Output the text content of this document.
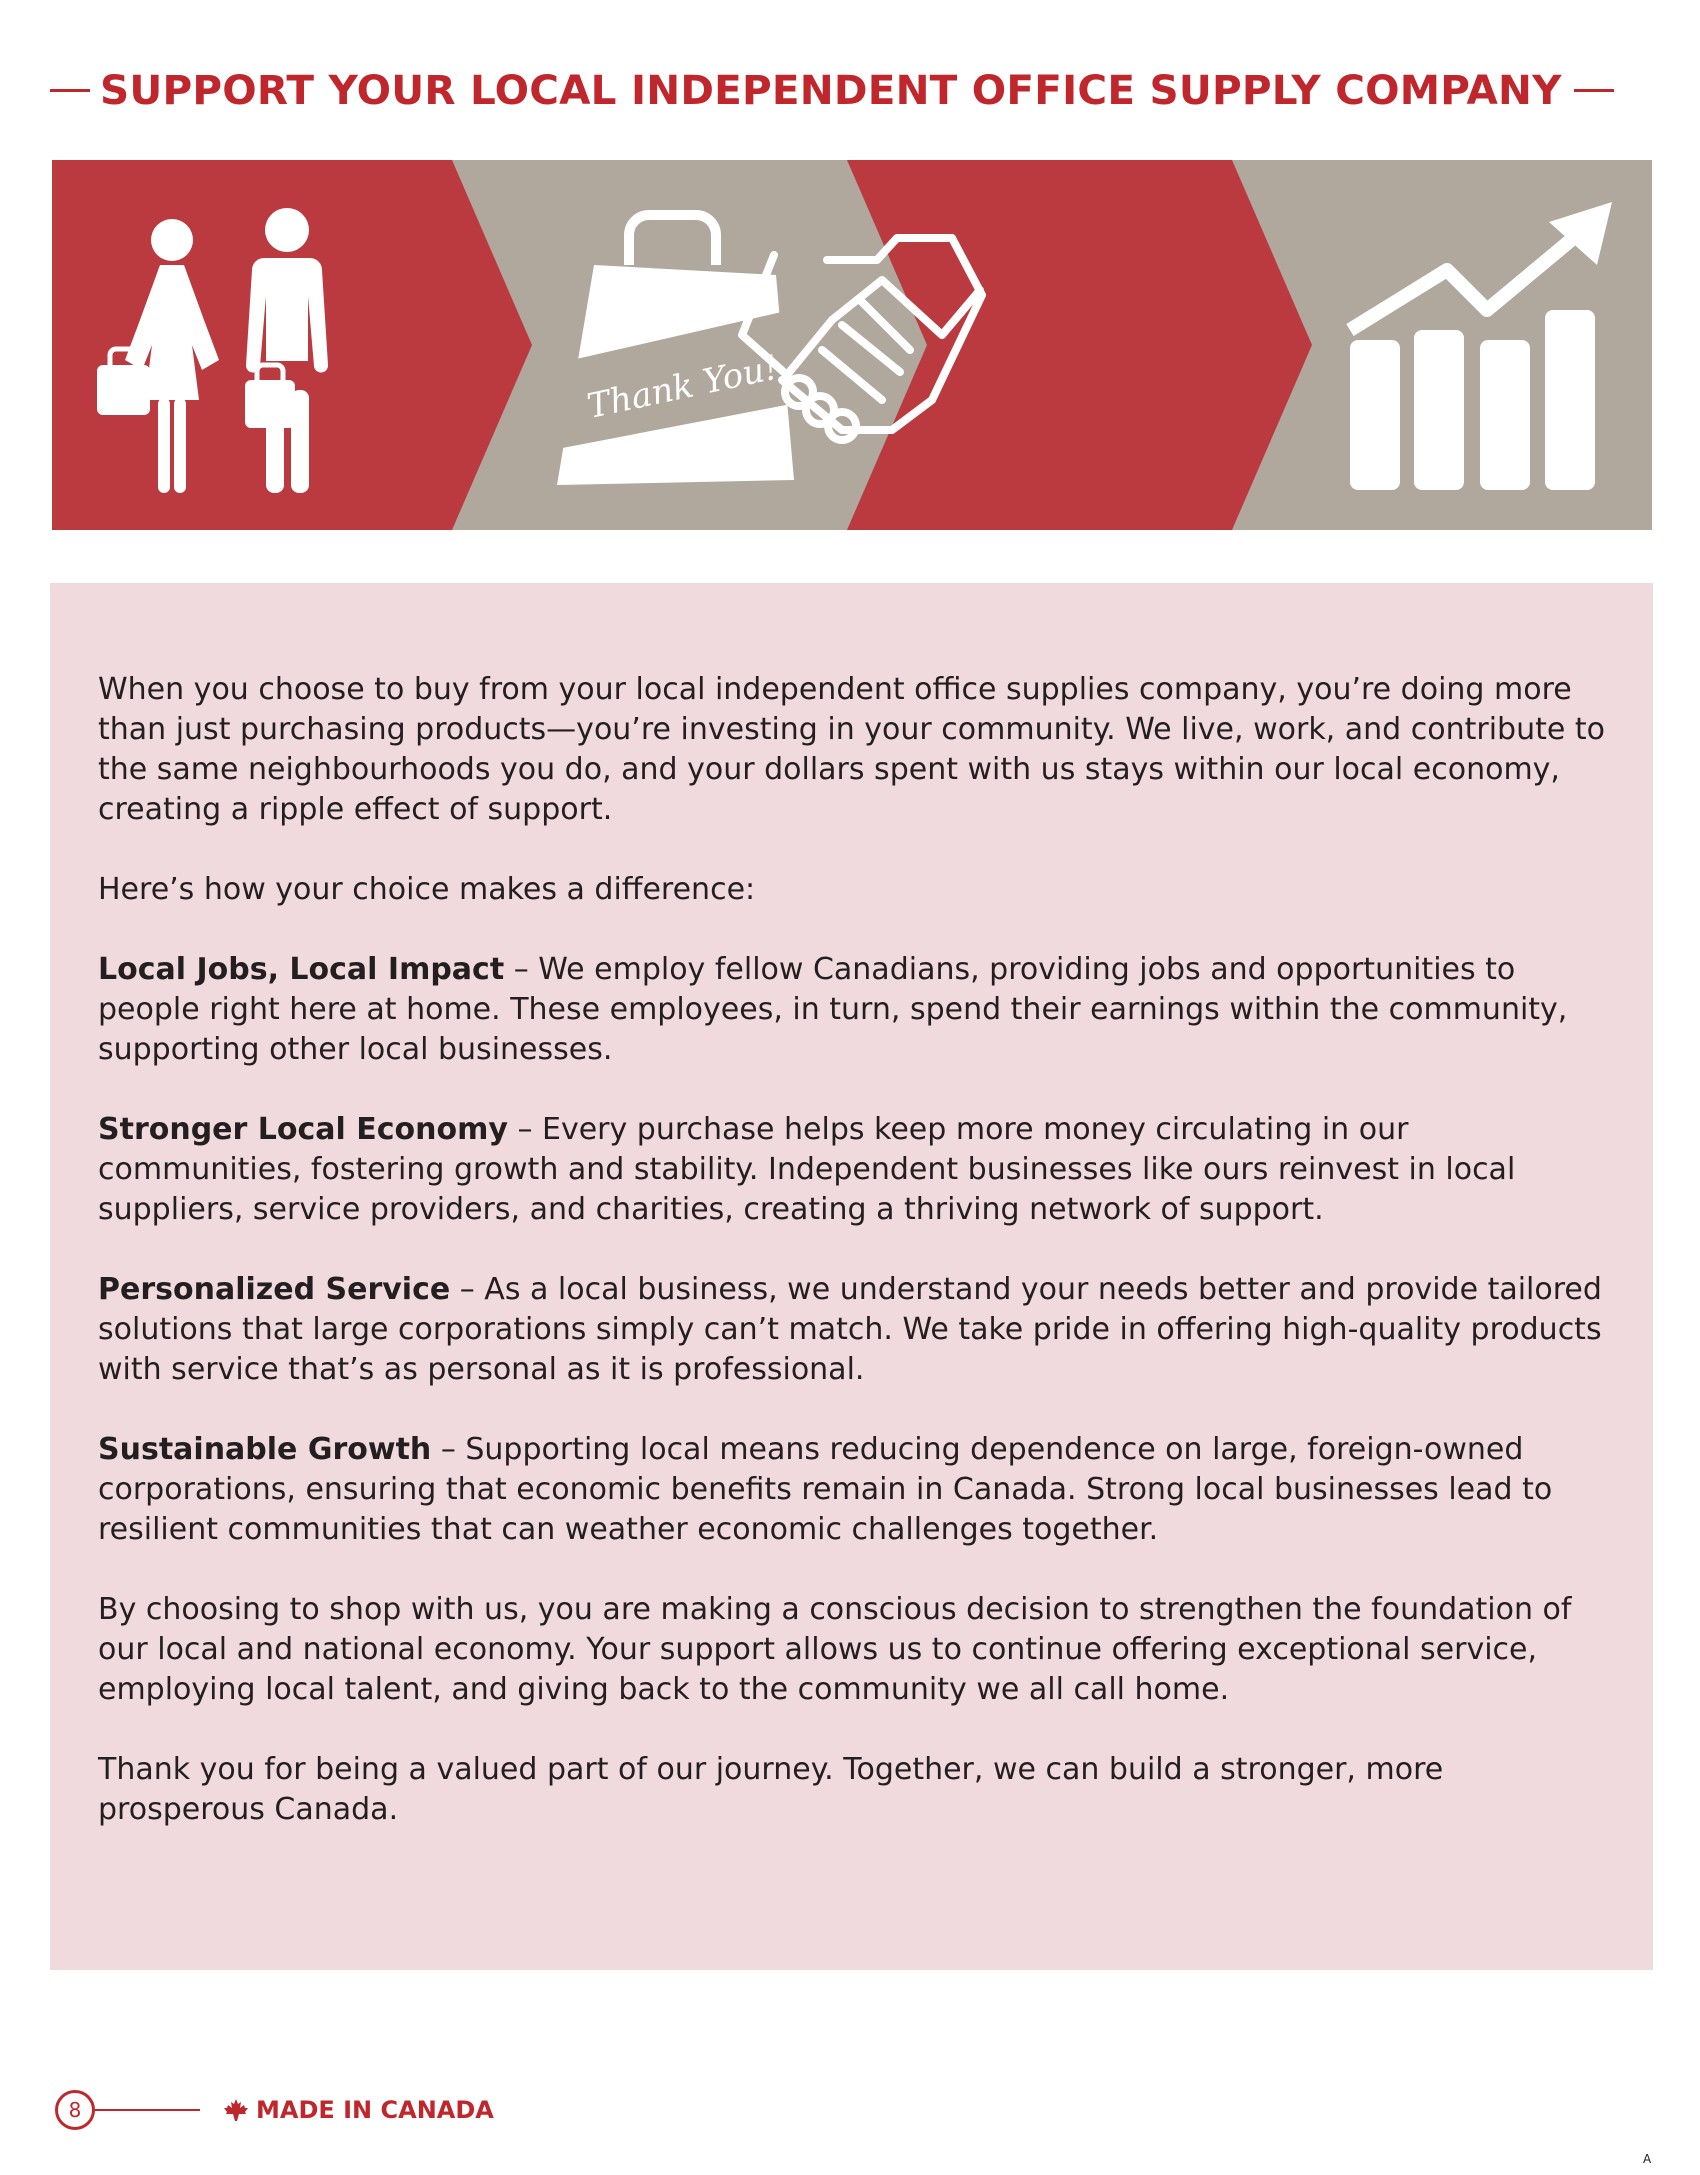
SUPPORT YOUR LOCAL INDEPENDENT OFFICE SUPPLY COMPANY
Thank You!

When you choose to buy from your local independent office supplies company, you’re doing more than just purchasing products—you’re investing in your community. We live, work, and contribute to the same neighbourhoods you do, and your dollars spent with us stays within our local economy, creating a ripple effect of support.

Here’s how your choice makes a difference:

Local Jobs, Local Impact – We employ fellow Canadians, providing jobs and opportunities to people right here at home. These employees, in turn, spend their earnings within the community, supporting other local businesses.

Stronger Local Economy – Every purchase helps keep more money circulating in our communities, fostering growth and stability. Independent businesses like ours reinvest in local suppliers, service providers, and charities, creating a thriving network of support.

Personalized Service – As a local business, we understand your needs better and provide tailored solutions that large corporations simply can’t match. We take pride in offering high-quality products with service that’s as personal as it is professional.

Sustainable Growth – Supporting local means reducing dependence on large, foreign-owned corporations, ensuring that economic benefits remain in Canada. Strong local businesses lead to resilient communities that can weather economic challenges together.

By choosing to shop with us, you are making a conscious decision to strengthen the foundation of our local and national economy. Your support allows us to continue offering exceptional service, employing local talent, and giving back to the community we all call home.

Thank you for being a valued part of our journey. Together, we can build a stronger, more prosperous Canada.

8	MADE IN CANADA
A
